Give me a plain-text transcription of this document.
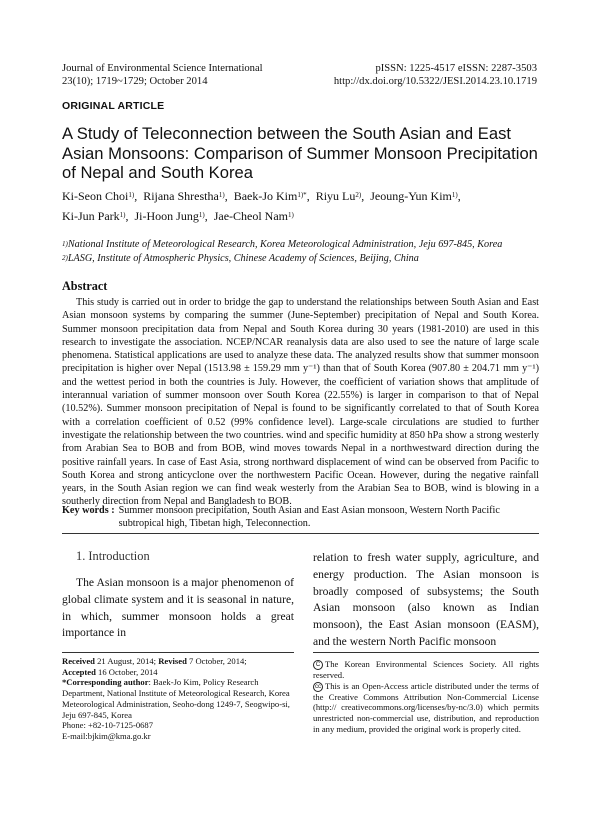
Journal of Environmental Science International
23(10); 1719~1729; October 2014
pISSN: 1225-4517 eISSN: 2287-3503
http://dx.doi.org/10.5322/JESI.2014.23.10.1719
ORIGINAL ARTICLE
A Study of Teleconnection between the South Asian and East Asian Monsoons: Comparison of Summer Monsoon Precipitation of Nepal and South Korea
Ki-Seon Choi$^{1)}$,  Rijana Shrestha$^{1)}$,  Baek-Jo Kim$^{1)*}$,  Riyu Lu$^{2)}$,  Jeoung-Yun Kim$^{1)}$,
Ki-Jun Park$^{1)}$,  Ji-Hoon Jung$^{1)}$,  Jae-Cheol Nam$^{1)}$
$^{1)}$National Institute of Meteorological Research, Korea Meteorological Administration, Jeju 697-845, Korea
$^{2)}$LASG, Institute of Atmospheric Physics, Chinese Academy of Sciences, Beijing, China
Abstract
This study is carried out in order to bridge the gap to understand the relationships between South Asian and East Asian monsoon systems by comparing the summer (June-September) precipitation of Nepal and South Korea. Summer monsoon precipitation data from Nepal and South Korea during 30 years (1981-2010) are used in this research to investigate the association. NCEP/NCAR reanalysis data are also used to see the nature of large scale phenomena. Statistical applications are used to analyze these data. The analyzed results show that summer monsoon precipitation is higher over Nepal (1513.98 ± 159.29 mm y⁻¹) than that of South Korea (907.80 ± 204.71 mm y⁻¹) and the wettest period in both the countries is July. However, the coefficient of variation shows that amplitude of interannual variation of summer monsoon over South Korea (22.55%) is larger in comparison to that of Nepal (10.52%). Summer monsoon precipitation of Nepal is found to be significantly correlated to that of South Korea with a correlation coefficient of 0.52 (99% confidence level). Large-scale circulations are studied to further investigate the relationship between the two countries. wind and specific humidity at 850 hPa show a strong westerly from Arabian Sea to BOB and from BOB, wind moves towards Nepal in a northwestward direction during the positive rainfall years. In case of East Asia, strong northward displacement of wind can be observed from Pacific to South Korea and strong anticyclone over the northwestern Pacific Ocean. However, during the negative rainfall years, in the South Asian region we can find weak westerly from the Arabian Sea to BOB, wind is blowing in a southerly direction from Nepal and Bangladesh to BOB.
Key words : Summer monsoon precipitation, South Asian and East Asian monsoon, Western North Pacific subtropical high, Tibetan high, Teleconnection.
1. Introduction
The Asian monsoon is a major phenomenon of global climate system and it is seasonal in nature, in which, summer monsoon holds a great importance in
relation to fresh water supply, agriculture, and energy production. The Asian monsoon is broadly composed of subsystems; the South Asian monsoon (also known as Indian monsoon), the East Asian monsoon (EASM), and the western North Pacific monsoon
Received 21 August, 2014; Revised 7 October, 2014;
Accepted 16 October, 2014
*Corresponding author: Baek-Jo Kim, Policy Research Department, National Institute of Meteorological Research, Korea Meteorological Administration, Seoho-dong 1249-7, Seogwipo-si, Jeju 697-845, Korea
Phone: +82-10-7125-0687
E-mail:bjkim@kma.go.kr
C The Korean Environmental Sciences Society. All rights reserved.
cc This is an Open-Access article distributed under the terms of the Creative Commons Attribution Non-Commercial License (http:// creativecommons.org/licenses/by-nc/3.0) which permits unrestricted non-commercial use, distribution, and reproduction in any medium, provided the original work is properly cited.
